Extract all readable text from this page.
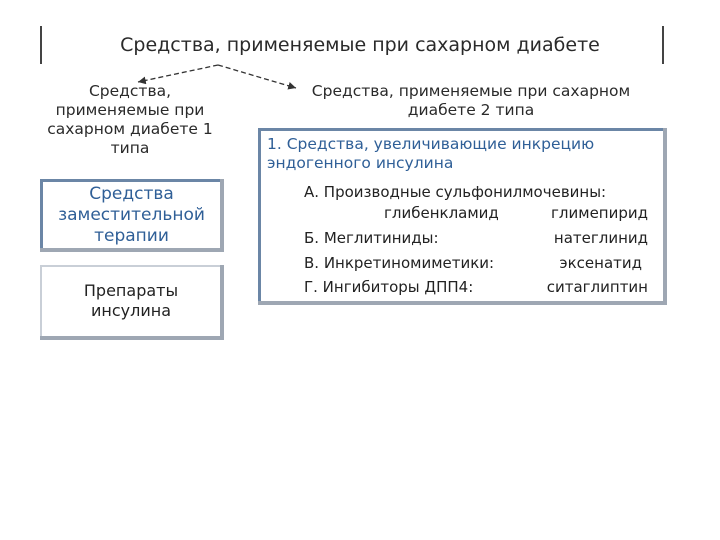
Средства, применяемые при сахарном диабете
Средства, применяемые при сахарном диабете 1 типа
Средства, применяемые при сахарном диабете 2 типа
Средства заместительной терапии
Препараты инсулина
1. Средства, увеличивающие инкрецию эндогенного инсулина
А. Производные сульфонилмочевины:
глибенкламид	глимепирид
Б. Меглитиниды:	натеглинид
В. Инкретиномиметики:	эксенатид
Г. Ингибиторы ДПП4:	ситаглиптин
